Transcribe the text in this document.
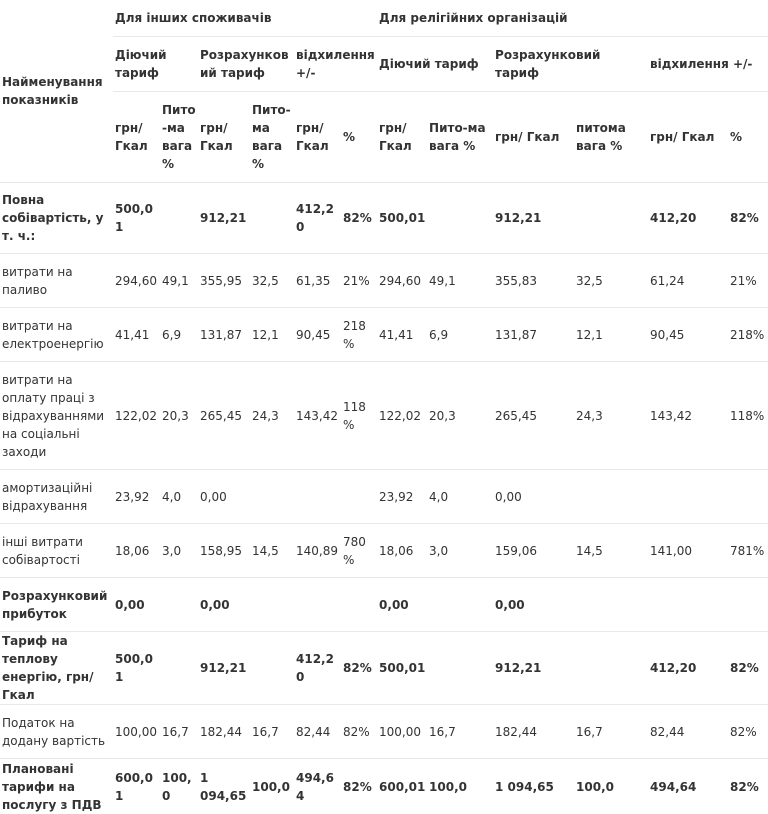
Найменування показників	Для інших споживачів						Для релігійних організацій					
	Діючий тариф		Розрахунковий тариф		відхилення +/-		Діючий тариф		Розрахунковий тариф		відхилення +/-	
	грн/ Гкал	Пито-ма вага %	грн/ Гкал	Пито-ма вага %	грн/ Гкал	%	грн/ Гкал	Пито-ма вага %	грн/ Гкал	питома вага %	грн/ Гкал	%
Повна собівартість, у т. ч.:	500,01		912,21		412,20	82%	500,01		912,21		412,20	82%
витрати на паливо	294,60	49,1	355,95	32,5	61,35	21%	294,60	49,1	355,83	32,5	61,24	21%
витрати на електроенергію	41,41	6,9	131,87	12,1	90,45	218%	41,41	6,9	131,87	12,1	90,45	218%
витрати на оплату праці з відрахуваннями на соціальні заходи	122,02	20,3	265,45	24,3	143,42	118%	122,02	20,3	265,45	24,3	143,42	118%
амортизаційні відрахування	23,92	4,0	0,00				23,92	4,0	0,00			
інші витрати собівартості	18,06	3,0	158,95	14,5	140,89	780%	18,06	3,0	159,06	14,5	141,00	781%
Розрахунковий прибуток	0,00		0,00				0,00		0,00			
Тариф на теплову енергію, грн/Гкал	500,01		912,21		412,20	82%	500,01		912,21		412,20	82%
Податок на додану вартість	100,00	16,7	182,44	16,7	82,44	82%	100,00	16,7	182,44	16,7	82,44	82%
Плановані тарифи на послугу з ПДВ	600,01	100,0	1 094,65	100,0	494,64	82%	600,01	100,0	1 094,65	100,0	494,64	82%
